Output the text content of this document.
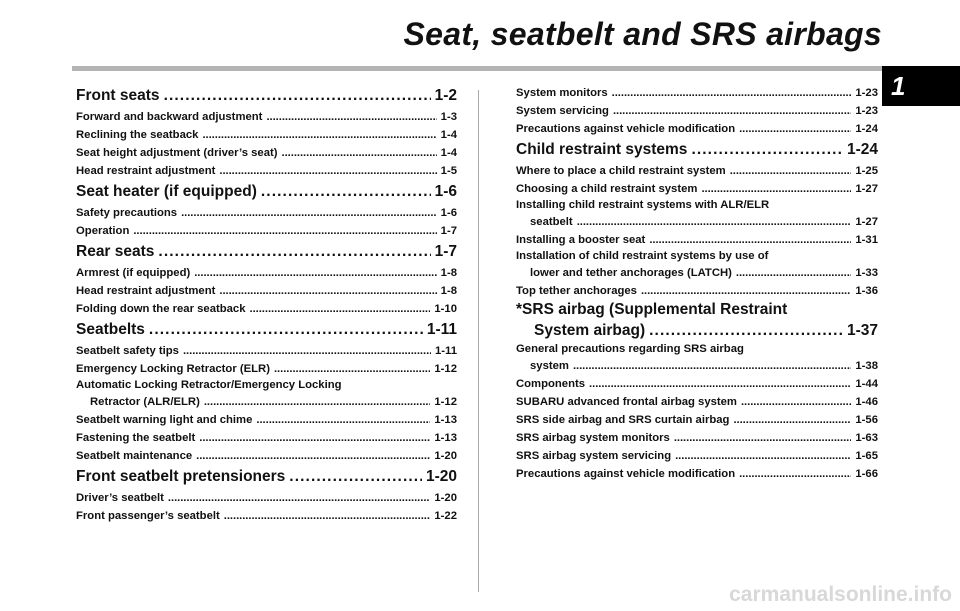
Seat, seatbelt and SRS airbags
1
Front seats . . .	1-2
Forward and backward adjustment . . .	1-3
Reclining the seatback . . .	1-4
Seat height adjustment (driver’s seat) . . .	1-4
Head restraint adjustment . . .	1-5
Seat heater (if equipped) . . .	1-6
Safety precautions . . .	1-6
Operation . . .	1-7
Rear seats . . .	1-7
Armrest (if equipped) . . .	1-8
Head restraint adjustment . . .	1-8
Folding down the rear seatback . . .	1-10
Seatbelts . . .	1-11
Seatbelt safety tips . . .	1-11
Emergency Locking Retractor (ELR) . . .	1-12
Automatic Locking Retractor/Emergency Locking
Retractor (ALR/ELR) . . .	1-12
Seatbelt warning light and chime . . .	1-13
Fastening the seatbelt . . .	1-13
Seatbelt maintenance . . .	1-20
Front seatbelt pretensioners . . .	1-20
Driver’s seatbelt . . .	1-20
Front passenger’s seatbelt . . .	1-22
System monitors . . .	1-23
System servicing . . .	1-23
Precautions against vehicle modification . . .	1-24
Child restraint systems . . .	1-24
Where to place a child restraint system . . .	1-25
Choosing a child restraint system . . .	1-27
Installing child restraint systems with ALR/ELR
seatbelt . . .	1-27
Installing a booster seat . . .	1-31
Installation of child restraint systems by use of
lower and tether anchorages (LATCH) . . .	1-33
Top tether anchorages . . .	1-36
*SRS airbag (Supplemental Restraint
System airbag) . . .	1-37
General precautions regarding SRS airbag
system . . .	1-38
Components . . .	1-44
SUBARU advanced frontal airbag system . . .	1-46
SRS side airbag and SRS curtain airbag . . .	1-56
SRS airbag system monitors . . .	1-63
SRS airbag system servicing . . .	1-65
Precautions against vehicle modification . . .	1-66
carmanualsonline.info
